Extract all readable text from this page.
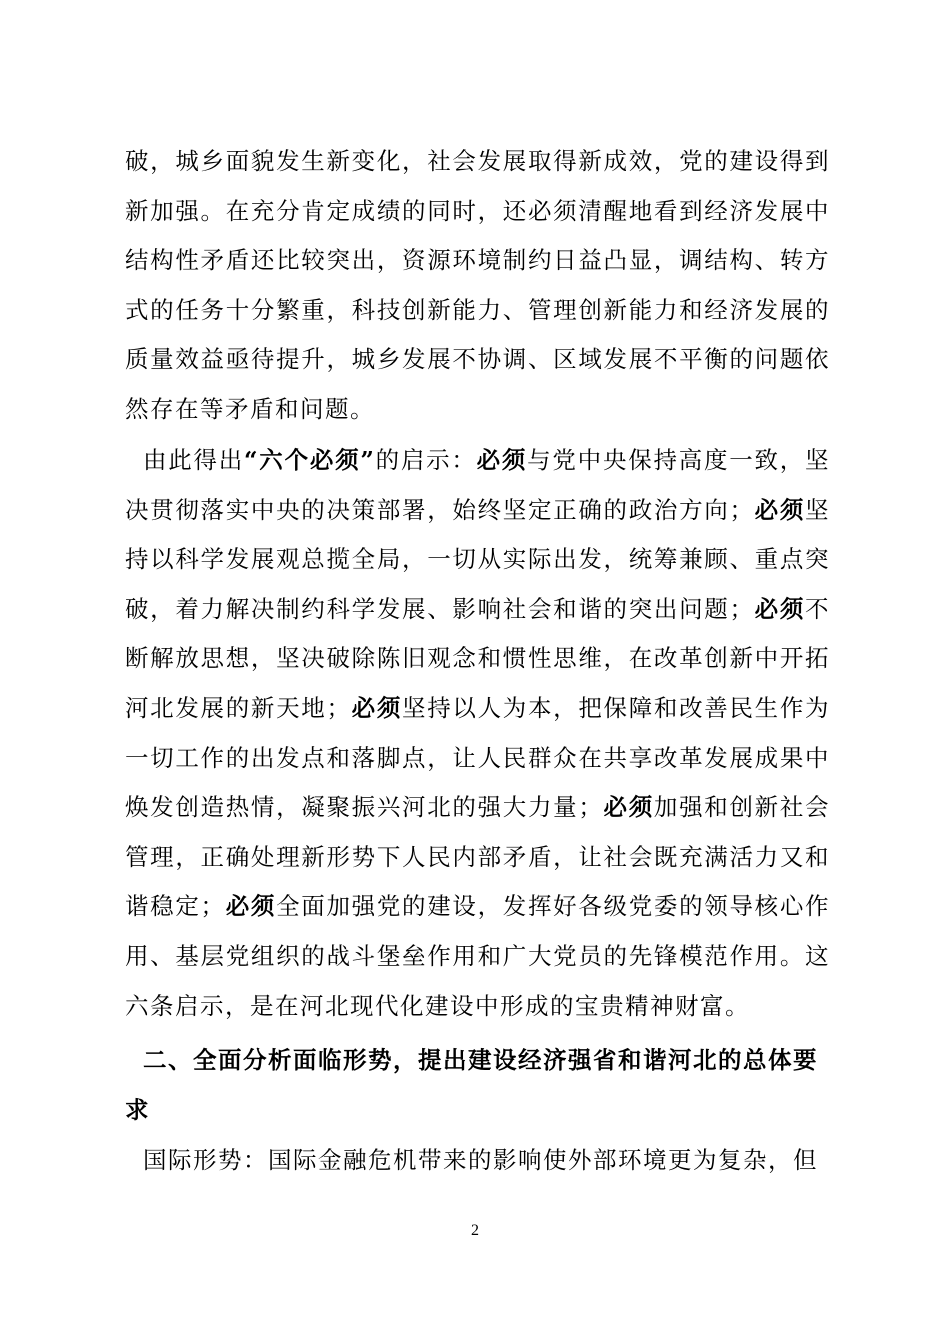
破，城乡面貌发生新变化，社会发展取得新成效，党的建设得到新加强。在充分肯定成绩的同时，还必须清醒地看到经济发展中结构性矛盾还比较突出，资源环境制约日益凸显，调结构、转方式的任务十分繁重，科技创新能力、管理创新能力和经济发展的质量效益亟待提升，城乡发展不协调、区域发展不平衡的问题依然存在等矛盾和问题。

由此得出“六个必须”的启示：必须与党中央保持高度一致，坚决贯彻落实中央的决策部署，始终坚定正确的政治方向；必须坚持以科学发展观总揽全局，一切从实际出发，统筹兼顾、重点突破，着力解决制约科学发展、影响社会和谐的突出问题；必须不断解放思想，坚决破除陈旧观念和惯性思维，在改革创新中开拓河北发展的新天地；必须坚持以人为本，把保障和改善民生作为一切工作的出发点和落脚点，让人民群众在共享改革发展成果中焕发创造热情，凝聚振兴河北的强大力量；必须加强和创新社会管理，正确处理新形势下人民内部矛盾，让社会既充满活力又和谐稳定；必须全面加强党的建设，发挥好各级党委的领导核心作用、基层党组织的战斗堡垒作用和广大党员的先锋模范作用。这六条启示，是在河北现代化建设中形成的宝贵精神财富。

二、全面分析面临形势，提出建设经济强省和谐河北的总体要求

国际形势：国际金融危机带来的影响使外部环境更为复杂，但

2
